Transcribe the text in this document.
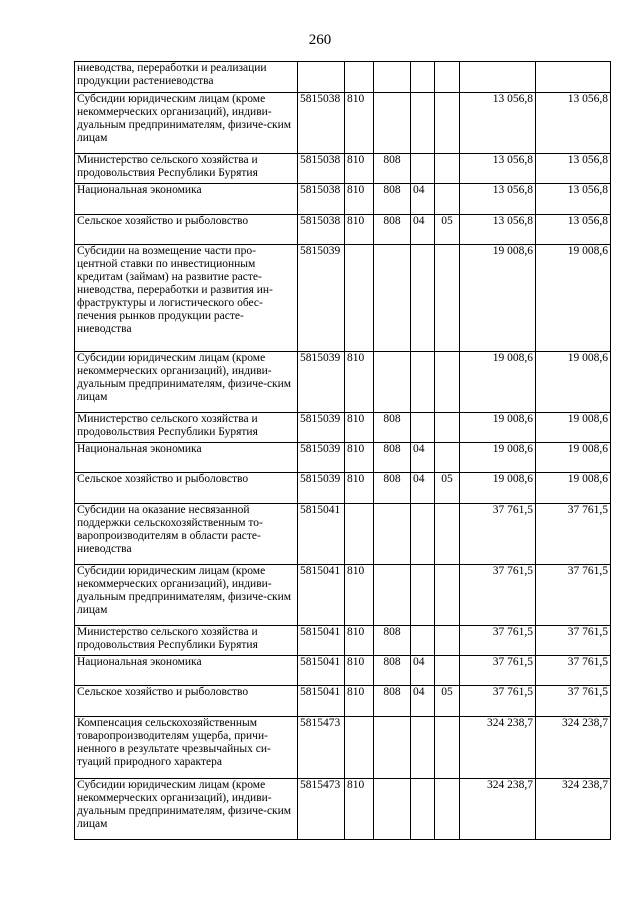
260
ниеводства, переработки и реализации продукции растениеводства							
Субсидии юридическим лицам (кроме некоммерческих организаций), индиви-дуальным предпринимателям, физиче-ским лицам	5815038	810				13 056,8	13 056,8
Министерство сельского хозяйства и продовольствия Республики Бурятия	5815038	810	808			13 056,8	13 056,8
Национальная экономика	5815038	810	808	04		13 056,8	13 056,8
Сельское хозяйство и рыболовство	5815038	810	808	04	05	13 056,8	13 056,8
Субсидии на возмещение части про-центной ставки по инвестиционным кредитам (займам) на развитие расте-ниеводства, переработки и развития ин-фраструктуры и логистического обес-печения рынков продукции расте-ниеводства	5815039					19 008,6	19 008,6
Субсидии юридическим лицам (кроме некоммерческих организаций), индиви-дуальным предпринимателям, физиче-ским лицам	5815039	810				19 008,6	19 008,6
Министерство сельского хозяйства и продовольствия Республики Бурятия	5815039	810	808			19 008,6	19 008,6
Национальная экономика	5815039	810	808	04		19 008,6	19 008,6
Сельское хозяйство и рыболовство	5815039	810	808	04	05	19 008,6	19 008,6
Субсидии на оказание несвязанной поддержки сельскохозяйственным то-варопроизводителям в области расте-ниеводства	5815041					37 761,5	37 761,5
Субсидии юридическим лицам (кроме некоммерческих организаций), индиви-дуальным предпринимателям, физиче-ским лицам	5815041	810				37 761,5	37 761,5
Министерство сельского хозяйства и продовольствия Республики Бурятия	5815041	810	808			37 761,5	37 761,5
Национальная экономика	5815041	810	808	04		37 761,5	37 761,5
Сельское хозяйство и рыболовство	5815041	810	808	04	05	37 761,5	37 761,5
Компенсация сельскохозяйственным товаропроизводителям ущерба, причи-ненного в результате чрезвычайных си-туаций природного характера	5815473					324 238,7	324 238,7
Субсидии юридическим лицам (кроме некоммерческих организаций), индиви-дуальным предпринимателям, физиче-ским лицам	5815473	810				324 238,7	324 238,7
